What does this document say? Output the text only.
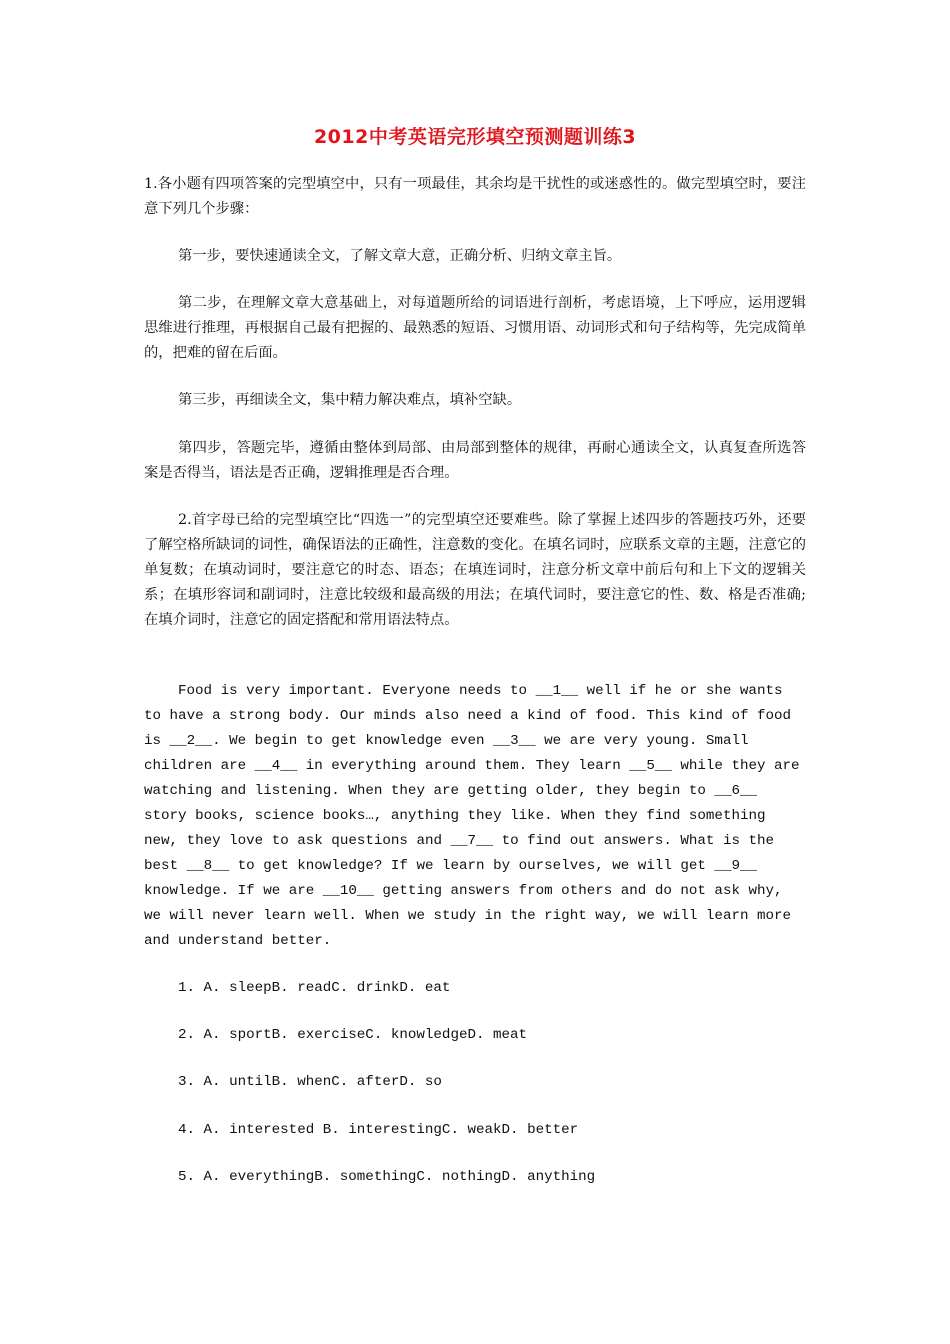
2012中考英语完形填空预测题训练3

1.各小题有四项答案的完型填空中，只有一项最佳，其余均是干扰性的或迷惑性的。做完型填空时，要注意下列几个步骤：

第一步，要快速通读全文，了解文章大意，正确分析、归纳文章主旨。

第二步，在理解文章大意基础上，对每道题所给的词语进行剖析，考虑语境，上下呼应，运用逻辑思维进行推理，再根据自己最有把握的、最熟悉的短语、习惯用语、动词形式和句子结构等，先完成简单的，把难的留在后面。

第三步，再细读全文，集中精力解决难点，填补空缺。

第四步，答题完毕，遵循由整体到局部、由局部到整体的规律，再耐心通读全文，认真复查所选答案是否得当，语法是否正确，逻辑推理是否合理。

2.首字母已给的完型填空比“四选一”的完型填空还要难些。除了掌握上述四步的答题技巧外，还要了解空格所缺词的词性，确保语法的正确性，注意数的变化。在填名词时，应联系文章的主题，注意它的单复数；在填动词时，要注意它的时态、语态；在填连词时，注意分析文章中前后句和上下文的逻辑关系；在填形容词和副词时，注意比较级和最高级的用法；在填代词时，要注意它的性、数、格是否准确;在填介词时，注意它的固定搭配和常用语法特点。

Food is very important. Everyone needs to __1__ well if he or she wants to have a strong body. Our minds also need a kind of food. This kind of food is __2__. We begin to get knowledge even __3__ we are very young. Small children are __4__ in everything around them. They learn __5__ while they are watching and listening. When they are getting older, they begin to __6__ story books, science books…, anything they like. When they find something new, they love to ask questions and __7__ to find out answers. What is the best __8__ to get knowledge? If we learn by ourselves, we will get __9__ knowledge. If we are __10__ getting answers from others and do not ask why, we will never learn well. When we study in the right way, we will learn more and understand better.

1. A. sleepB. readC. drinkD. eat
2. A. sportB. exerciseC. knowledgeD. meat
3. A. untilB. whenC. afterD. so
4. A. interested B. interestingC. weakD. better
5. A. everythingB. somethingC. nothingD. anything
